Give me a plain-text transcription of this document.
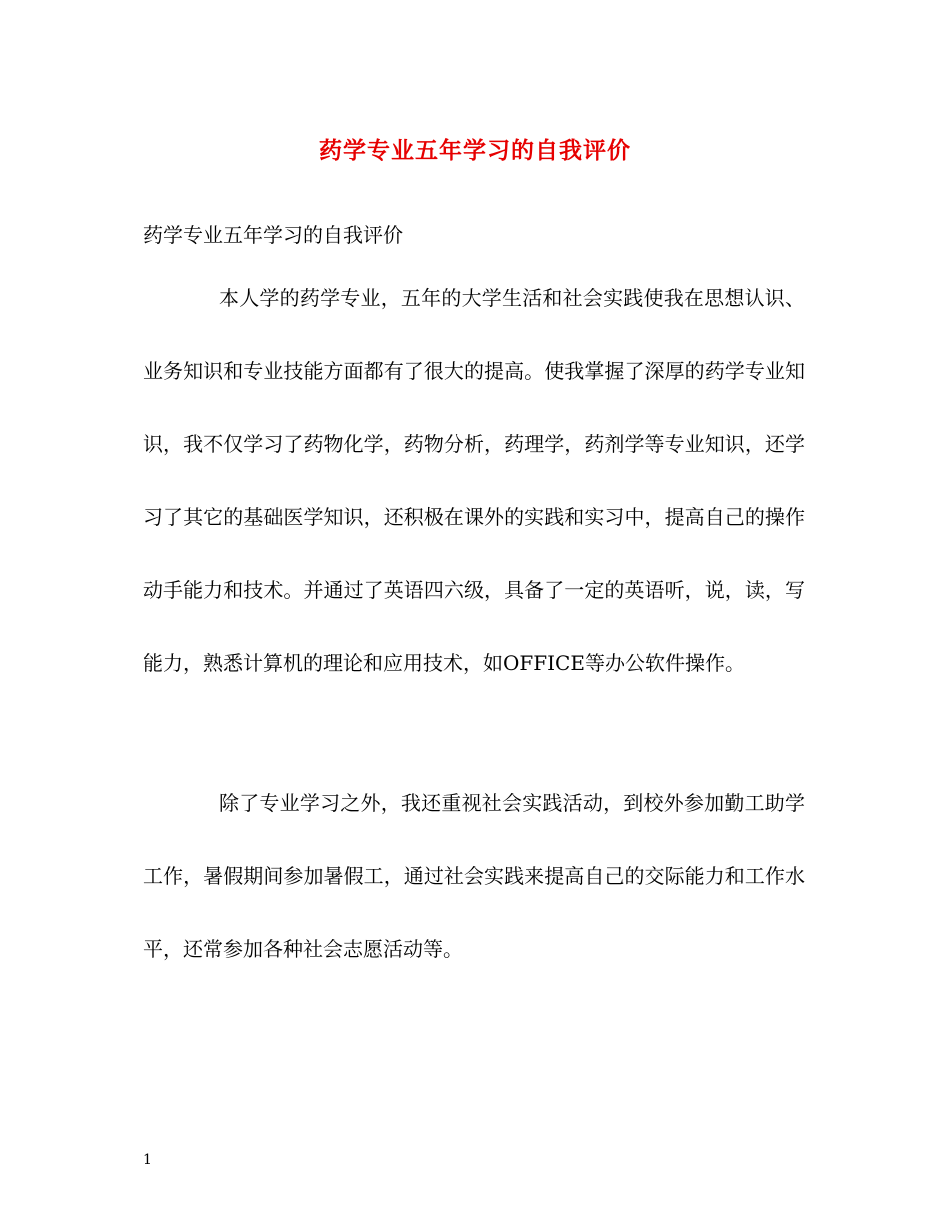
药学专业五年学习的自我评价
药学专业五年学习的自我评价

本人学的药学专业，五年的大学生活和社会实践使我在思想认识、业务知识和专业技能方面都有了很大的提高。使我掌握了深厚的药学专业知识，我不仅学习了药物化学，药物分析，药理学，药剂学等专业知识，还学习了其它的基础医学知识，还积极在课外的实践和实习中，提高自己的操作动手能力和技术。并通过了英语四六级，具备了一定的英语听，说，读，写能力，熟悉计算机的理论和应用技术，如OFFICE等办公软件操作。

除了专业学习之外，我还重视社会实践活动，到校外参加勤工助学工作，暑假期间参加暑假工，通过社会实践来提高自己的交际能力和工作水平，还常参加各种社会志愿活动等。

1
